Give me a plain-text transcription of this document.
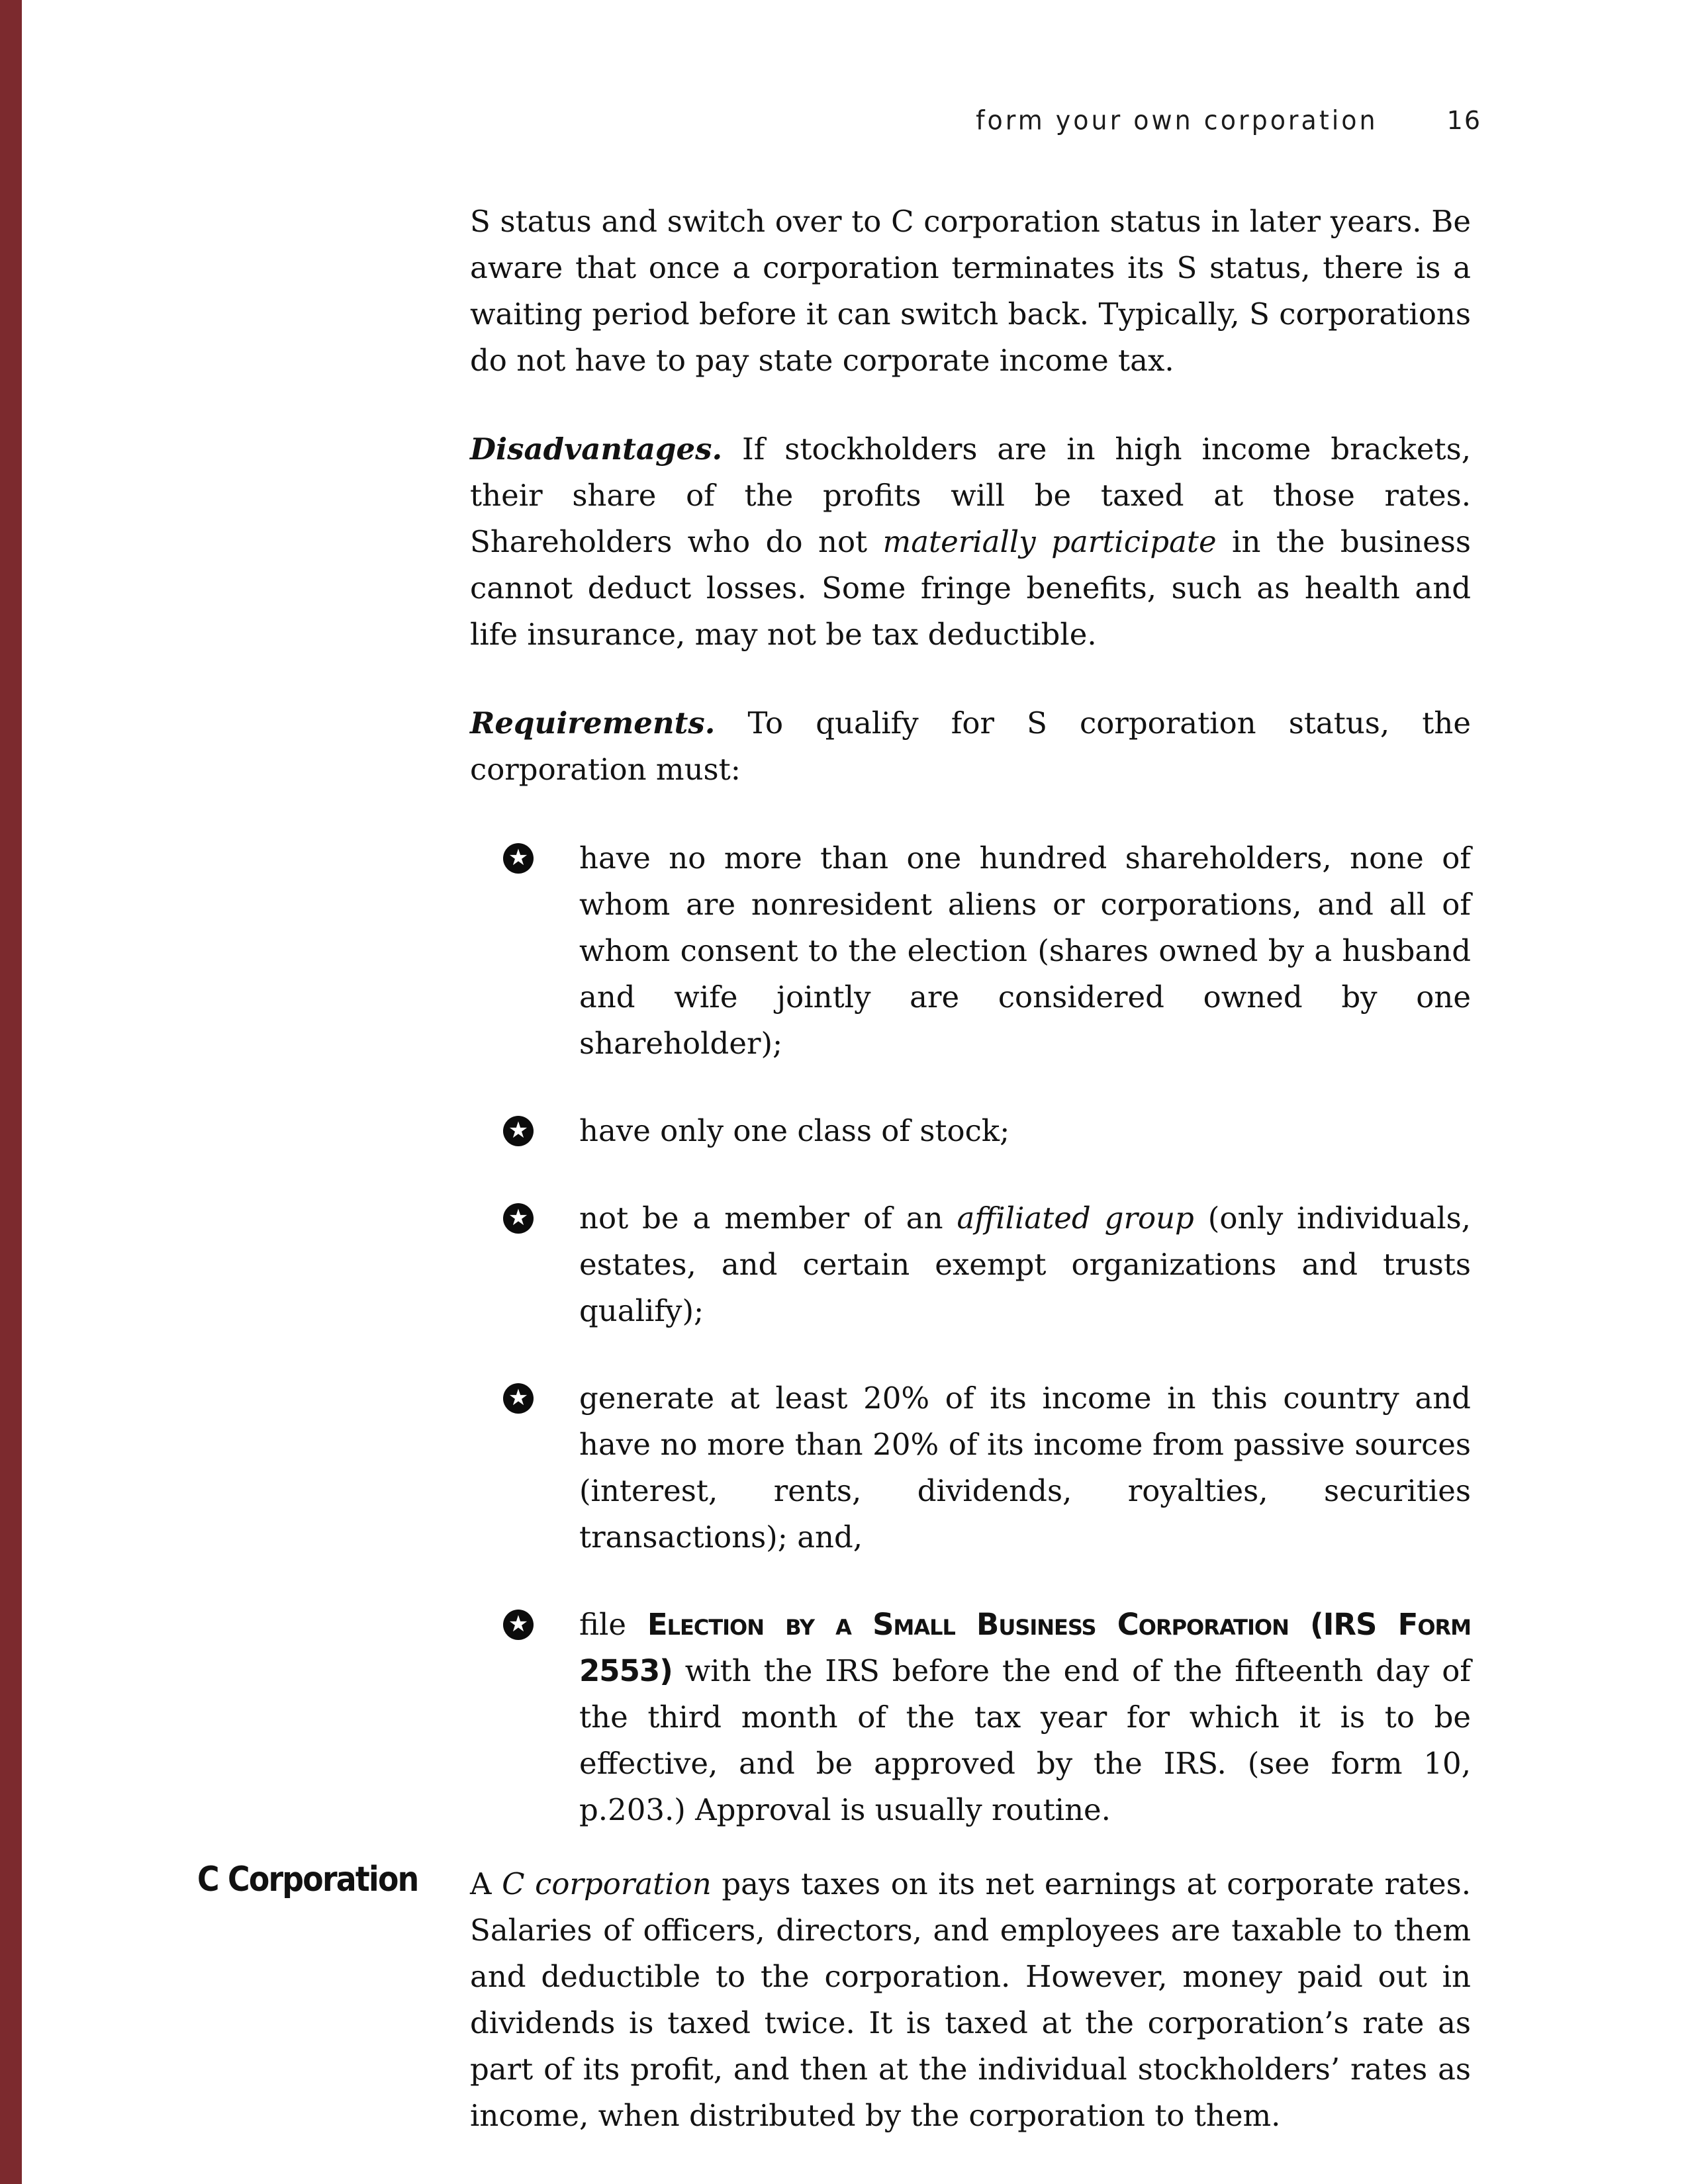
form your own corporation	16

S status and switch over to C corporation status in later years. Be aware that once a corporation terminates its S status, there is a waiting period before it can switch back. Typically, S corporations do not have to pay state corporate income tax.

Disadvantages. If stockholders are in high income brackets, their share of the profits will be taxed at those rates. Shareholders who do not materially participate in the business cannot deduct losses. Some fringe benefits, such as health and life insurance, may not be tax deductible.

Requirements. To qualify for S corporation status, the corporation must:

★ have no more than one hundred shareholders, none of whom are nonresident aliens or corporations, and all of whom consent to the election (shares owned by a husband and wife jointly are considered owned by one shareholder);
★ have only one class of stock;
★ not be a member of an affiliated group (only individuals, estates, and certain exempt organizations and trusts qualify);
★ generate at least 20% of its income in this country and have no more than 20% of its income from passive sources (interest, rents, dividends, royalties, securities transactions); and,
★ file Election by a Small Business Corporation (IRS Form 2553) with the IRS before the end of the fifteenth day of the third month of the tax year for which it is to be effective, and be approved by the IRS. (see form 10, p.203.) Approval is usually routine.
C Corporation	A C corporation pays taxes on its net earnings at corporate rates. Salaries of officers, directors, and employees are taxable to them and deductible to the corporation. However, money paid out in dividends is taxed twice. It is taxed at the corporation’s rate as part of its profit, and then at the individual stockholders’ rates as income, when distributed by the corporation to them.
